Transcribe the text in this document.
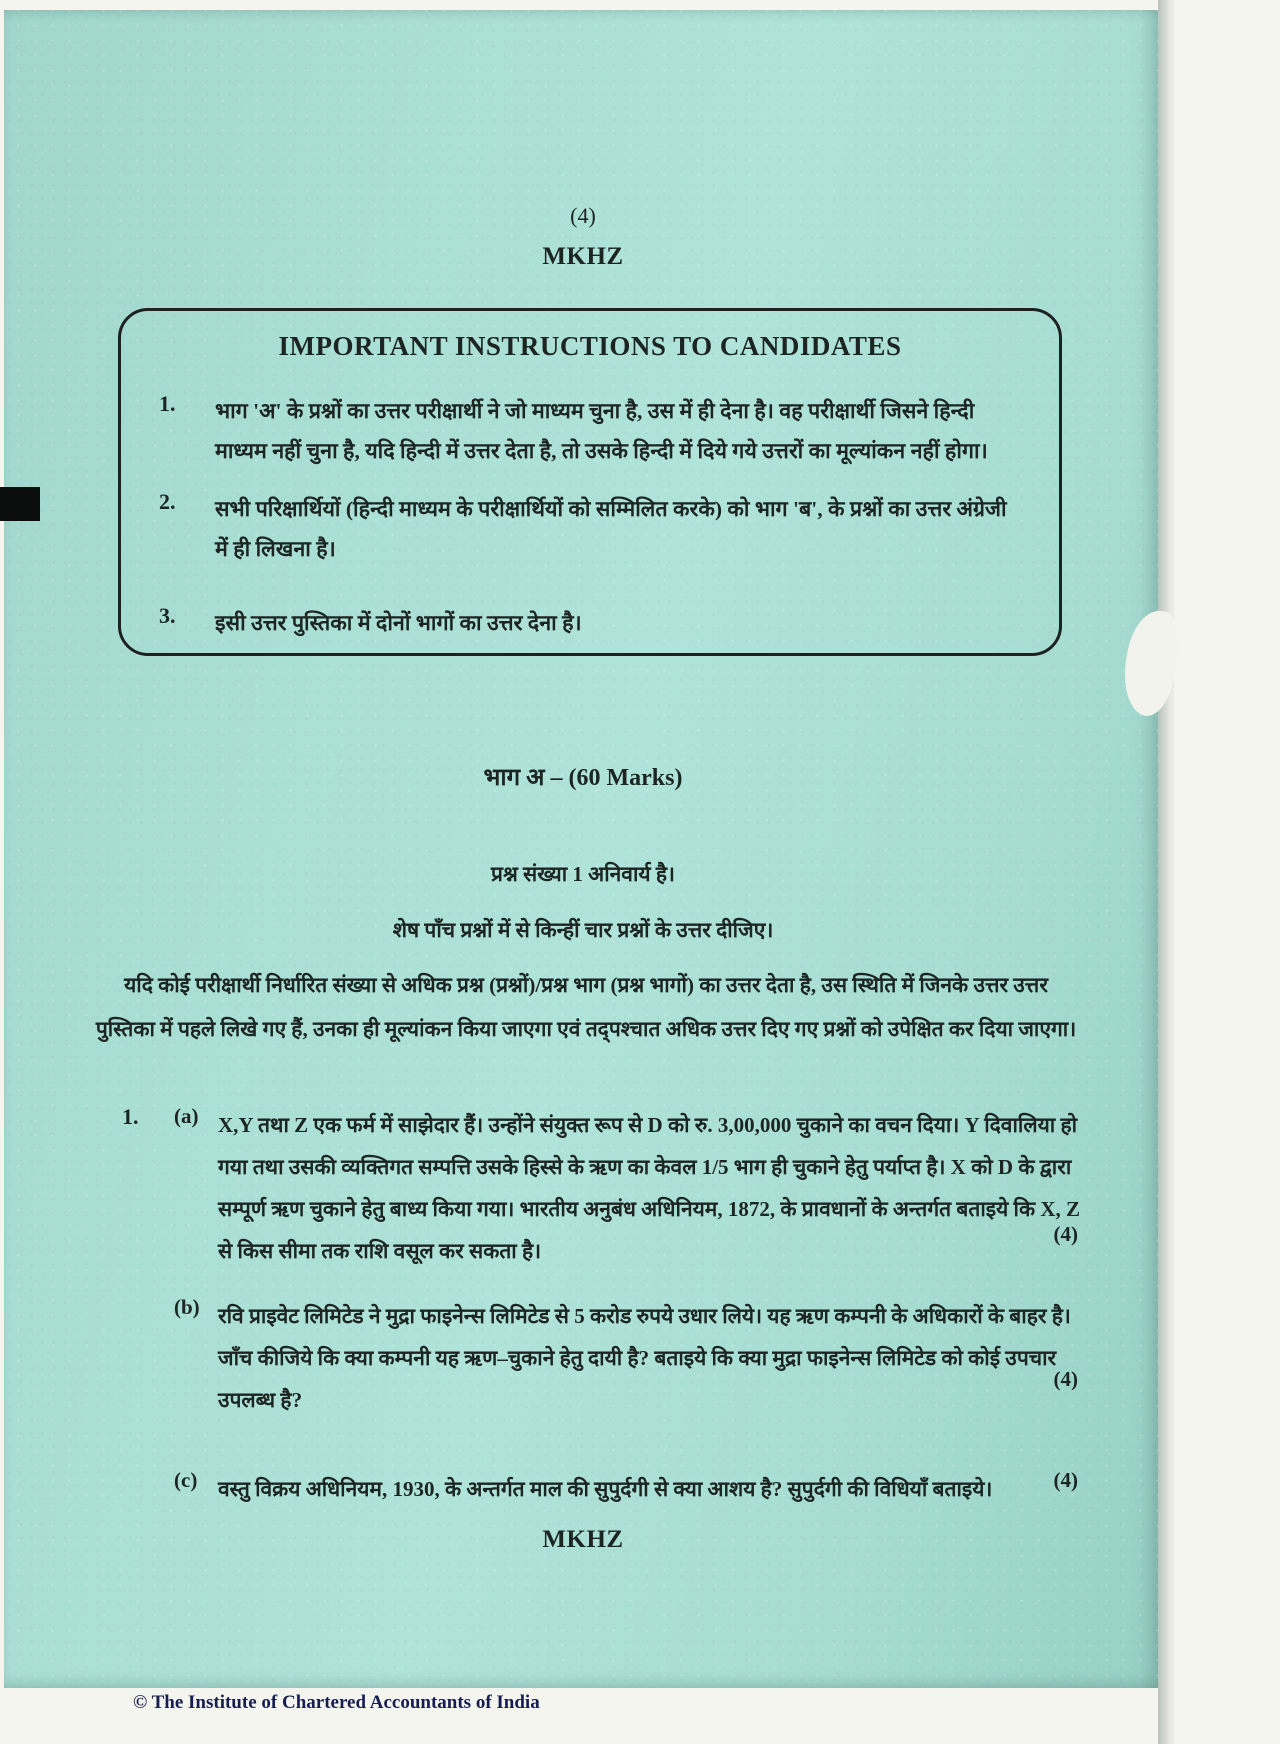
(4)
MKHZ
IMPORTANT INSTRUCTIONS TO CANDIDATES
1.	भाग 'अ' के प्रश्नों का उत्तर परीक्षार्थी ने जो माध्यम चुना है, उस में ही देना है। वह परीक्षार्थी जिसने हिन्दी
माध्यम नहीं चुना है, यदि हिन्दी में उत्तर देता है, तो उसके हिन्दी में दिये गये उत्तरों का मूल्यांकन नहीं होगा।
2.	सभी परिक्षार्थियों (हिन्दी माध्यम के परीक्षार्थियों को सम्मिलित करके) को भाग 'ब', के प्रश्नों का उत्तर अंग्रेजी
में ही लिखना है।
3.	इसी उत्तर पुस्तिका में दोनों भागों का उत्तर देना है।
भाग अ – (60 Marks)
प्रश्न संख्या 1 अनिवार्य है।
शेष पाँच प्रश्नों में से किन्हीं चार प्रश्नों के उत्तर दीजिए।
यदि कोई परीक्षार्थी निर्धारित संख्या से अधिक प्रश्न (प्रश्नों)/प्रश्न भाग (प्रश्न भागों) का उत्तर देता है, उस स्थिति में जिनके उत्तर उत्तर
पुस्तिका में पहले लिखे गए हैं, उनका ही मूल्यांकन किया जाएगा एवं तद्पश्चात अधिक उत्तर दिए गए प्रश्नों को उपेक्षित कर दिया जाएगा।
1. (a) X,Y तथा Z एक फर्म में साझेदार हैं। उन्होंने संयुक्त रूप से D को रु. 3,00,000 चुकाने का वचन दिया। Y दिवालिया हो
गया तथा उसकी व्यक्तिगत सम्पत्ति उसके हिस्से के ऋण का केवल 1/5 भाग ही चुकाने हेतु पर्याप्त है। X को D के द्वारा
सम्पूर्ण ऋण चुकाने हेतु बाध्य किया गया। भारतीय अनुबंध अधिनियम, 1872, के प्रावधानों के अन्तर्गत बताइये कि X, Z
से किस सीमा तक राशि वसूल कर सकता है।
(4)
(b) रवि प्राइवेट लिमिटेड ने मुद्रा फाइनेन्स लिमिटेड से 5 करोड रुपये उधार लिये। यह ऋण कम्पनी के अधिकारों के बाहर है।
जाँच कीजिये कि क्या कम्पनी यह ऋण–चुकाने हेतु दायी है? बताइये कि क्या मुद्रा फाइनेन्स लिमिटेड को कोई उपचार
उपलब्ध है?
(4)
(c) वस्तु विक्रय अधिनियम, 1930, के अन्तर्गत माल की सुपुर्दगी से क्या आशय है? सुपुर्दगी की विधियाँ बताइये।	(4)
MKHZ
© The Institute of Chartered Accountants of India
